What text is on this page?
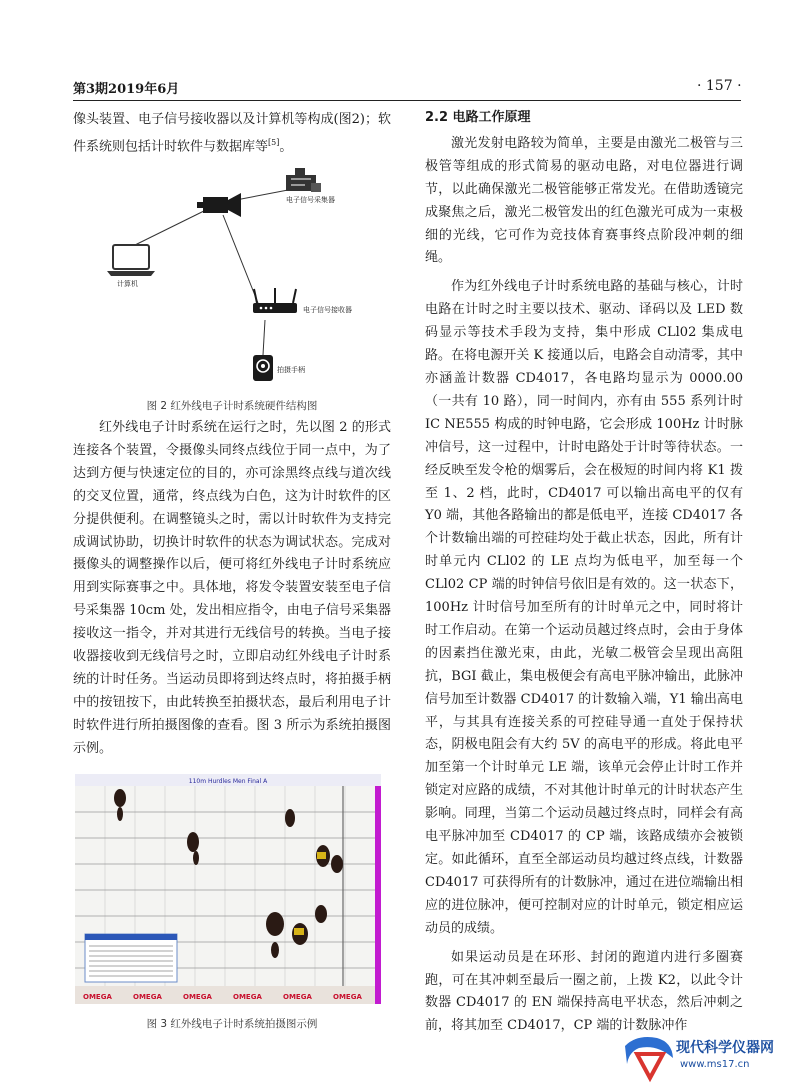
第3期2019年6月	· 157 ·

像头装置、电子信号接收器以及计算机等构成(图2)；软件系统则包括计时软件与数据库等[5]。

电子信号采集器
计算机
电子信号接收器
拍摄手柄
图 2 红外线电子计时系统硬件结构图

红外线电子计时系统在运行之时，先以图 2 的形式连接各个装置，令摄像头同终点线位于同一点中，为了达到方便与快速定位的目的，亦可涂黑终点线与道次线的交叉位置，通常，终点线为白色，这为计时软件的区分提供便利。在调整镜头之时，需以计时软件为支持完成调试协助，切换计时软件的状态为调试状态。完成对摄像头的调整操作以后，便可将红外线电子计时系统应用到实际赛事之中。具体地，将发令装置安装至电子信号采集器 10cm 处，发出相应指令，由电子信号采集器接收这一指令，并对其进行无线信号的转换。当电子接收器接收到无线信号之时，立即启动红外线电子计时系统的计时任务。当运动员即将到达终点时，将拍摄手柄中的按钮按下，由此转换至拍摄状态，最后利用电子计时软件进行所拍摄图像的查看。图 3 所示为系统拍摄图示例。

110m Hurdles Men Final A
OMEGA	OMEGA	OMEGA	OMEGA	OMEGA	OMEGA
图 3 红外线电子计时系统拍摄图示例

2.2 电路工作原理

激光发射电路较为简单，主要是由激光二极管与三极管等组成的形式简易的驱动电路，对电位器进行调节，以此确保激光二极管能够正常发光。在借助透镜完成聚焦之后，激光二极管发出的红色激光可成为一束极细的光线，它可作为竞技体育赛事终点阶段冲刺的细绳。

作为红外线电子计时系统电路的基础与核心，计时电路在计时之时主要以技术、驱动、译码以及 LED 数码显示等技术手段为支持，集中形成 CLl02 集成电路。在将电源开关 K 接通以后，电路会自动清零，其中亦涵盖计数器 CD4017，各电路均显示为 0000.00（一共有 10 路），同一时间内，亦有由 555 系列计时 IC NE555 构成的时钟电路，它会形成 100Hz 计时脉冲信号，这一过程中，计时电路处于计时等待状态。一经反映至发令枪的烟雾后，会在极短的时间内将 K1 拨至 1、2 档，此时，CD4017 可以输出高电平的仅有 Y0 端，其他各路输出的都是低电平，连接 CD4017 各个计数输出端的可控硅均处于截止状态，因此，所有计时单元内 CLl02 的 LE 点均为低电平，加至每一个 CLl02 CP 端的时钟信号依旧是有效的。这一状态下，100Hz 计时信号加至所有的计时单元之中，同时将计时工作启动。在第一个运动员越过终点时，会由于身体的因素挡住激光束，由此，光敏二极管会呈现出高阻抗，BGI 截止，集电极便会有高电平脉冲输出，此脉冲信号加至计数器 CD4017 的计数输入端，Y1 输出高电平，与其具有连接关系的可控硅导通一直处于保持状态，阴极电阻会有大约 5V 的高电平的形成。将此电平加至第一个计时单元 LE 端，该单元会停止计时工作并锁定对应路的成绩，不对其他计时单元的计时状态产生影响。同理，当第二个运动员越过终点时，同样会有高电平脉冲加至 CD4017 的 CP 端，该路成绩亦会被锁定。如此循环，直至全部运动员均越过终点线，计数器 CD4017 可获得所有的计数脉冲，通过在进位端输出相应的进位脉冲，便可控制对应的计时单元，锁定相应运动员的成绩。

如果运动员是在环形、封闭的跑道内进行多圈赛跑，可在其冲刺至最后一圈之前，上拨 K2，以此令计数器 CD4017 的 EN 端保持高电平状态，然后冲刺之前，将其加至 CD4017，CP 端的计数脉冲作

现代科学仪器网
www.ms17.cn
